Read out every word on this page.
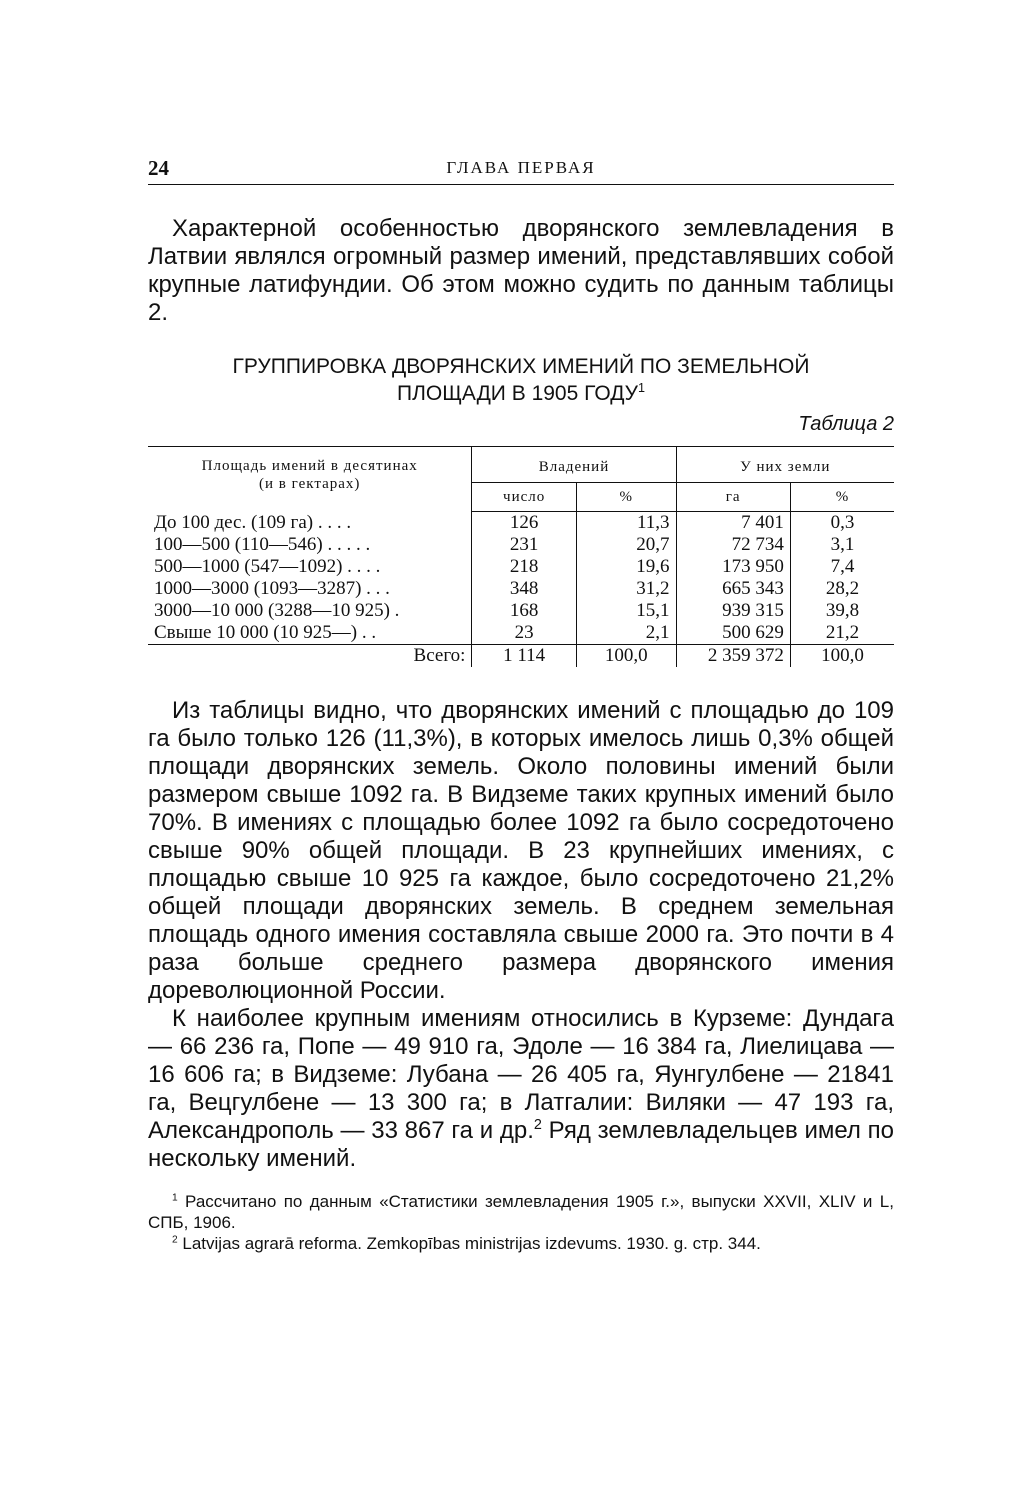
24	ГЛАВА ПЕРВАЯ

Характерной особенностью дворянского землевладения в Латвии являлся огромный размер имений, представлявших собой крупные латифундии. Об этом можно судить по данным таблицы 2.

ГРУППИРОВКА ДВОРЯНСКИХ ИМЕНИЙ ПО ЗЕМЕЛЬНОЙ
ПЛОЩАДИ В 1905 ГОДУ$^1$
Таблица 2
Площадь имений в десятинах
(и в гектарах)	Владений		У них земли	
	число	%	га	%
До 100 дес. (109 га) . . . .	126	11,3	7 401	0,3
100—500 (110—546) . . . . .	231	20,7	72 734	3,1
500—1000 (547—1092) . . . .	218	19,6	173 950	7,4
1000—3000 (1093—3287) . . .	348	31,2	665 343	28,2
3000—10 000 (3288—10 925) .	168	15,1	939 315	39,8
Свыше 10 000 (10 925—) . .	23	2,1	500 629	21,2
Всего:	1 114	100,0	2 359 372	100,0

Из таблицы видно, что дворянских имений с площадью до 109 га было только 126 (11,3%), в которых имелось лишь 0,3% общей площади дворянских земель. Около половины имений были размером свыше 1092 га. В Видземе таких крупных имений было 70%. В имениях с площадью более 1092 га было сосредоточено свыше 90% общей площади. В 23 крупнейших имениях, с площадью свыше 10 925 га каждое, было сосредоточено 21,2% общей площади дворянских земель. В среднем земельная площадь одного имения составляла свыше 2000 га. Это почти в 4 раза больше среднего размера дворянского имения дореволюционной России.

К наиболее крупным имениям относились в Курземе: Дундага — 66 236 га, Попе — 49 910 га, Эдоле — 16 384 га, Лиелицава — 16 606 га; в Видземе: Лубана — 26 405 га, Яунгулбене — 21841 га, Вецгулбене — 13 300 га; в Латгалии: Виляки — 47 193 га, Александрополь — 33 867 га и др.$^2$ Ряд землевладельцев имел по нескольку имений.

$^1$ Рассчитано по данным «Статистики землевладения 1905 г.», выпуски XXVII, XLIV и L, СПБ, 1906.

$^2$ Latvijas agrarā reforma. Zemkopības ministrijas izdevums. 1930. g. стр. 344.
